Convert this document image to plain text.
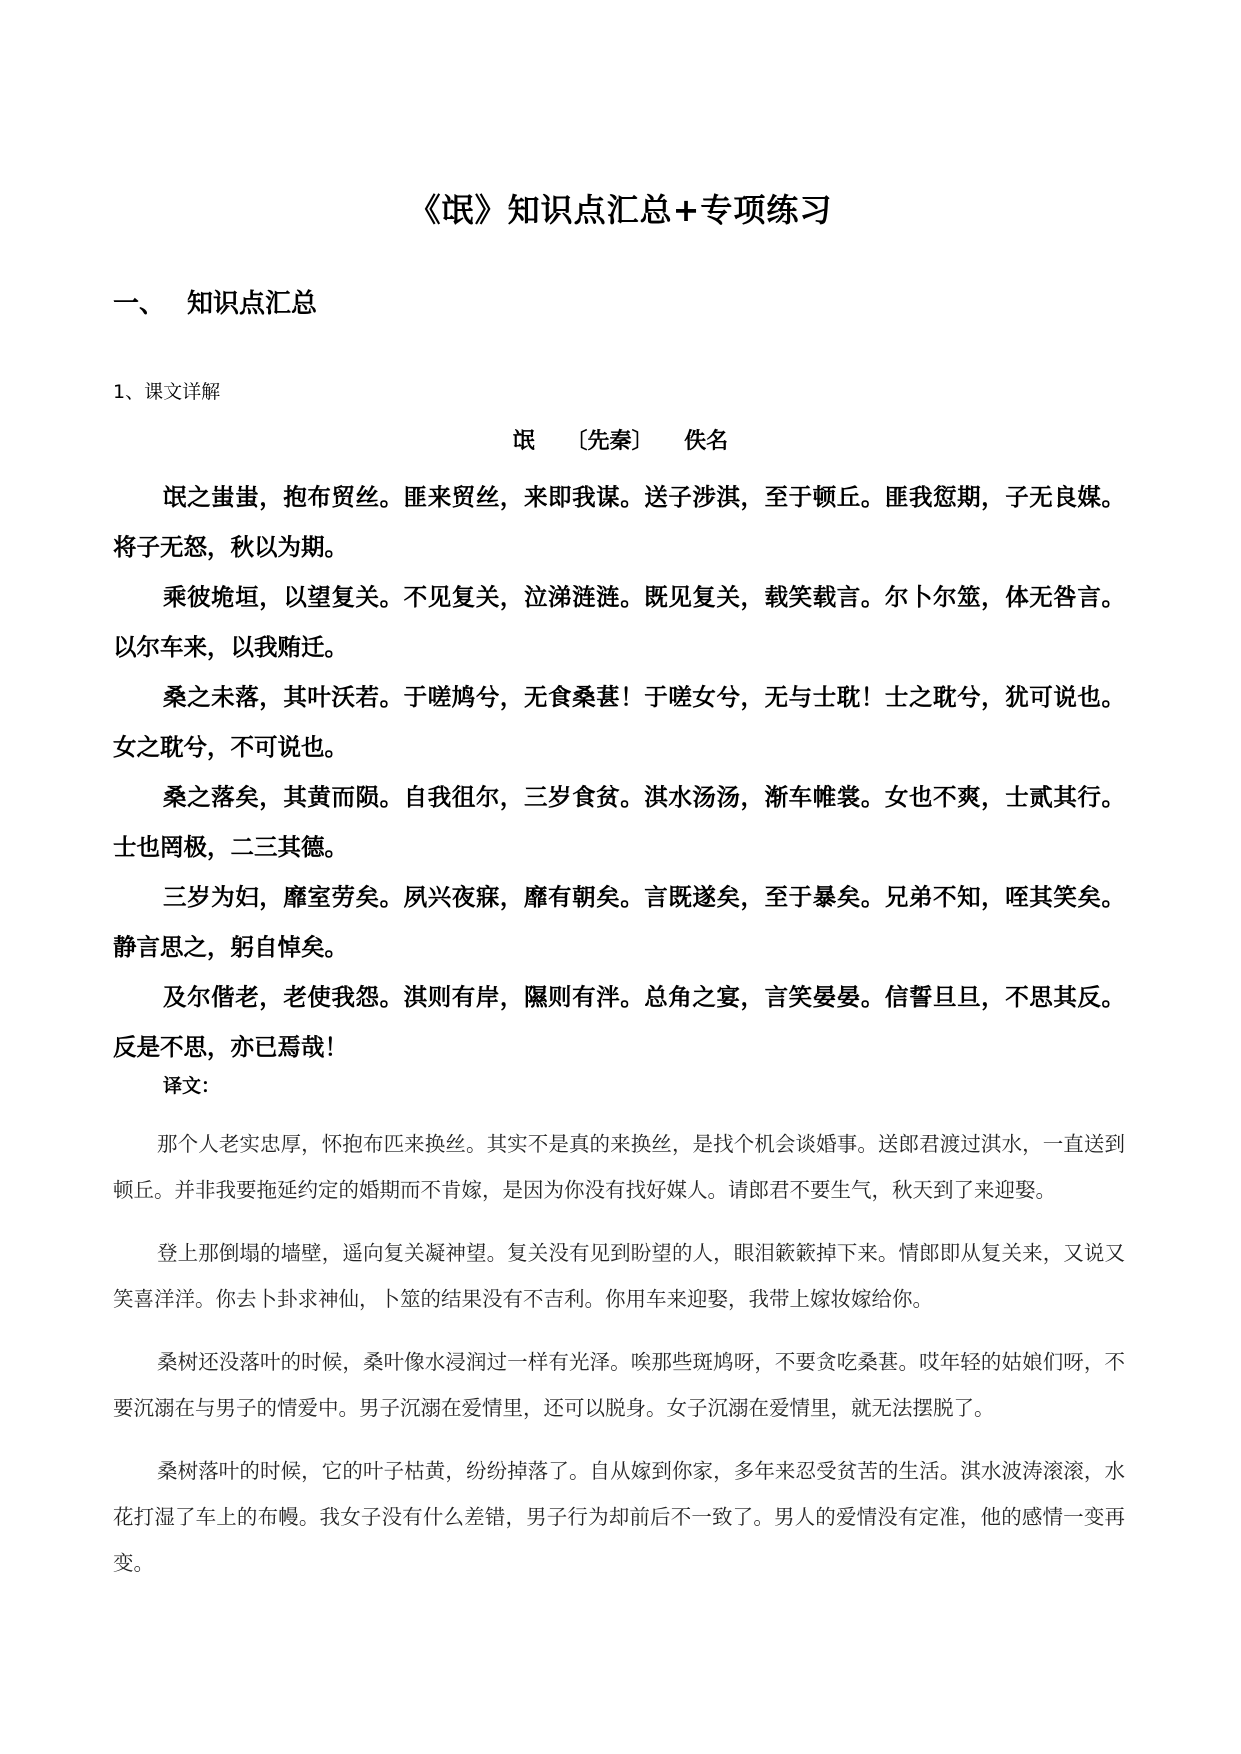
《氓》知识点汇总+专项练习
一、 知识点汇总
1、课文详解
氓    〔先秦〕    佚名

氓之蚩蚩，抱布贸丝。匪来贸丝，来即我谋。送子涉淇，至于顿丘。匪我愆期，子无良媒。将子无怒，秋以为期。

乘彼垝垣，以望复关。不见复关，泣涕涟涟。既见复关，载笑载言。尔卜尔筮，体无咎言。以尔车来，以我贿迁。

桑之未落，其叶沃若。于嗟鸠兮，无食桑葚！于嗟女兮，无与士耽！士之耽兮，犹可说也。女之耽兮，不可说也。

桑之落矣，其黄而陨。自我徂尔，三岁食贫。淇水汤汤，渐车帷裳。女也不爽，士贰其行。士也罔极，二三其德。

三岁为妇，靡室劳矣。夙兴夜寐，靡有朝矣。言既遂矣，至于暴矣。兄弟不知，咥其笑矣。静言思之，躬自悼矣。

及尔偕老，老使我怨。淇则有岸，隰则有泮。总角之宴，言笑晏晏。信誓旦旦，不思其反。反是不思，亦已焉哉！

译文：

那个人老实忠厚，怀抱布匹来换丝。其实不是真的来换丝，是找个机会谈婚事。送郎君渡过淇水，一直送到顿丘。并非我要拖延约定的婚期而不肯嫁，是因为你没有找好媒人。请郎君不要生气，秋天到了来迎娶。

登上那倒塌的墙壁，遥向复关凝神望。复关没有见到盼望的人，眼泪簌簌掉下来。情郎即从复关来，又说又笑喜洋洋。你去卜卦求神仙，卜筮的结果没有不吉利。你用车来迎娶，我带上嫁妆嫁给你。

桑树还没落叶的时候，桑叶像水浸润过一样有光泽。唉那些斑鸠呀，不要贪吃桑葚。哎年轻的姑娘们呀，不要沉溺在与男子的情爱中。男子沉溺在爱情里，还可以脱身。女子沉溺在爱情里，就无法摆脱了。

桑树落叶的时候，它的叶子枯黄，纷纷掉落了。自从嫁到你家，多年来忍受贫苦的生活。淇水波涛滚滚，水花打湿了车上的布幔。我女子没有什么差错，男子行为却前后不一致了。男人的爱情没有定准，他的感情一变再变。
